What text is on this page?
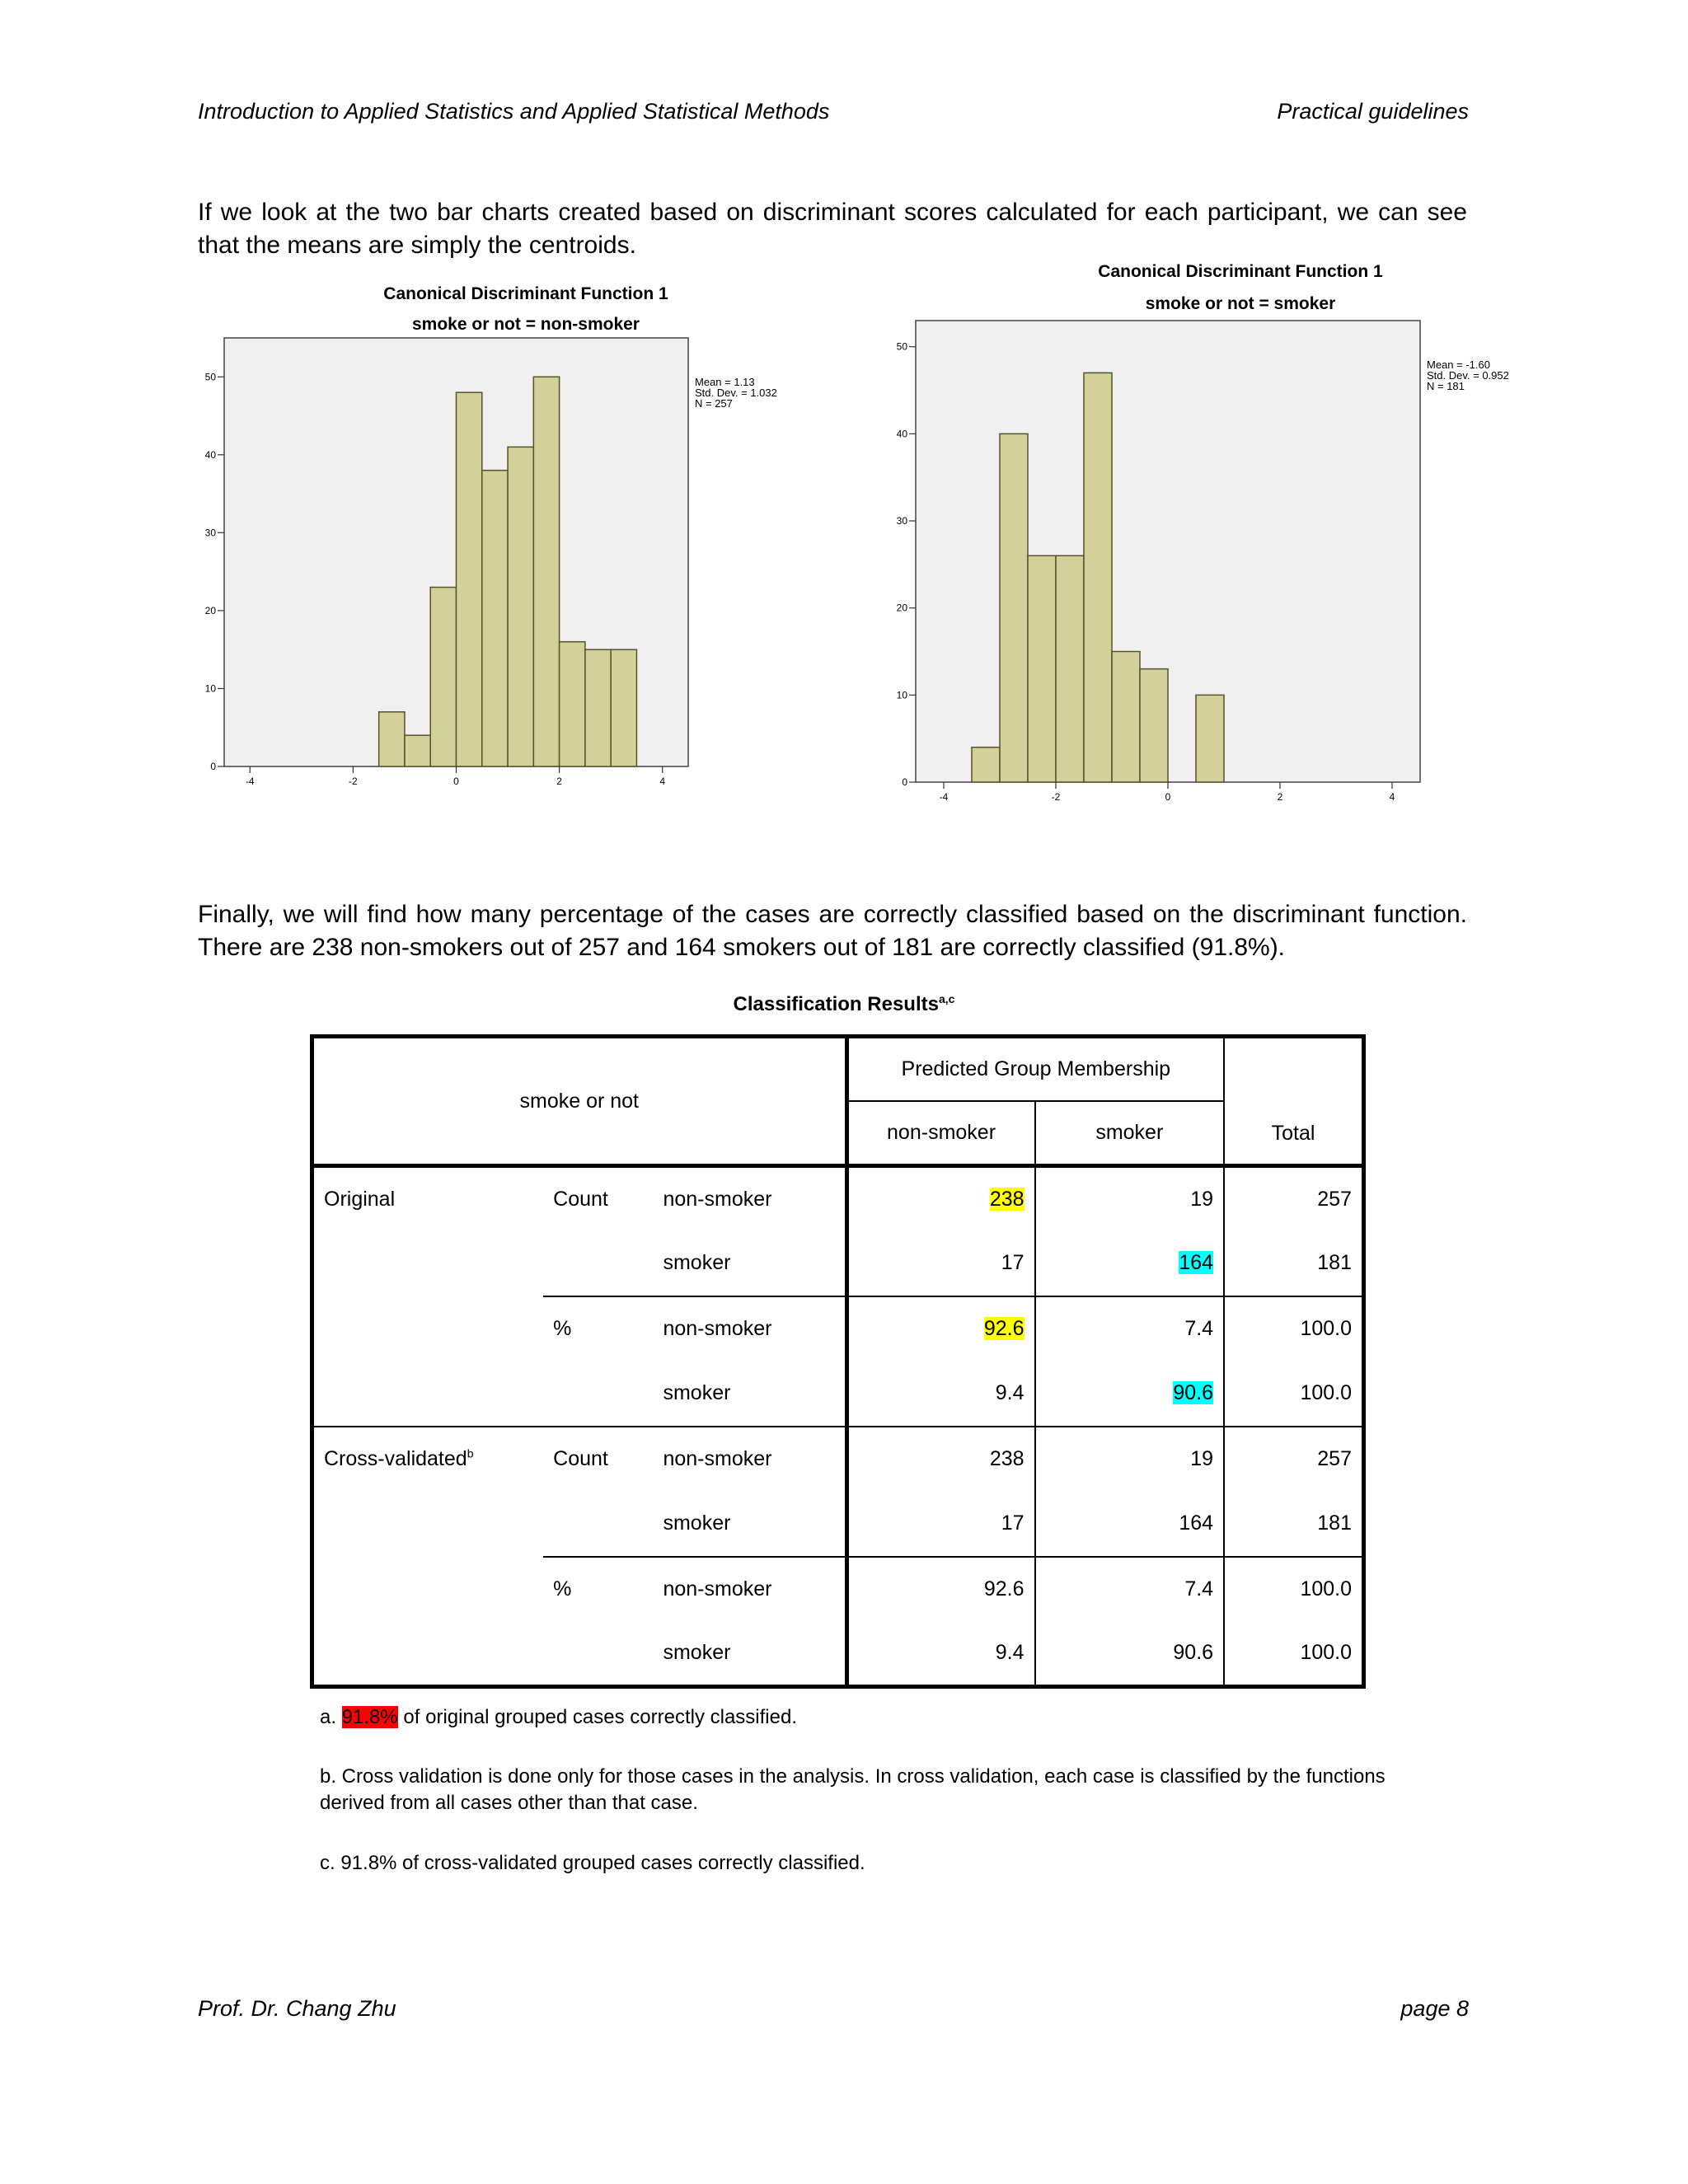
Introduction to Applied Statistics and Applied Statistical Methods	Practical guidelines
If we look at the two bar charts created based on discriminant scores calculated for each participant, we can see that the means are simply the centroids.
Canonical Discriminant Function 1
smoke or not = non-smoker
0
10
20
30
40
50
-4	-2	0	2	4
Mean = 1.13
Std. Dev. = 1.032
N = 257
Canonical Discriminant Function 1
smoke or not = smoker
0
10
20
30
40
50
-4	-2	0	2	4
Mean = -1.60
Std. Dev. = 0.952
N = 181
Finally, we will find how many percentage of the cases are correctly classified based on the discriminant function. There are 238 non-smokers out of 257 and 164 smokers out of 181 are correctly classified (91.8%).
Classification Results$^{a,c}$
smoke or not			Predicted Group Membership		Total
			non-smoker	smoker	
Original	Count	non-smoker	238	19	257
		smoker	17	164	181
	%	non-smoker	92.6	7.4	100.0
		smoker	9.4	90.6	100.0
Cross-validated$^b$	Count	non-smoker	238	19	257
		smoker	17	164	181
	%	non-smoker	92.6	7.4	100.0
		smoker	9.4	90.6	100.0
a. 91.8% of original grouped cases correctly classified.
b. Cross validation is done only for those cases in the analysis. In cross validation, each case is classified by the functions derived from all cases other than that case.
c. 91.8% of cross-validated grouped cases correctly classified.
Prof. Dr. Chang Zhu	page 8
